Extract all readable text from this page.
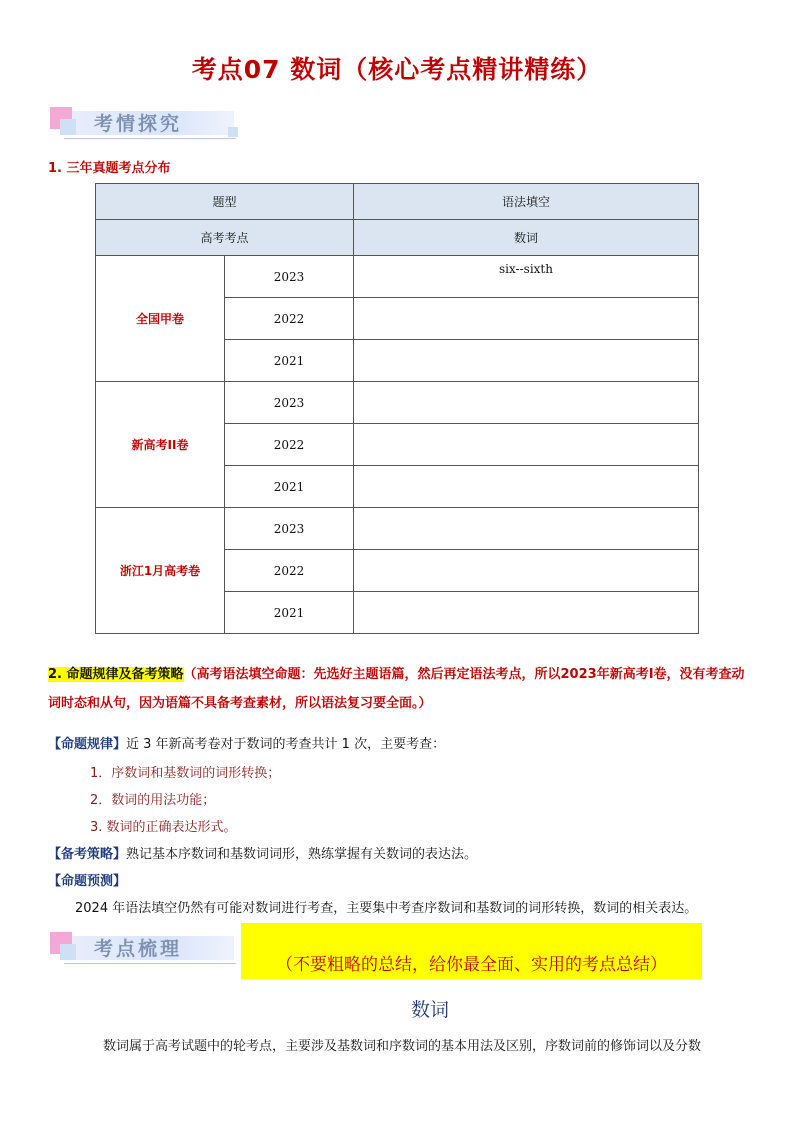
考点07 数词（核心考点精讲精练）
考情探究
1. 三年真题考点分布
题型		语法填空
高考考点		数词
全国甲卷	2023	six--sixth
	2022	
	2021	
新高考II卷	2023	
	2022	
	2021	
浙江1月高考卷	2023	
	2022	
	2021	
2. 命题规律及备考策略（高考语法填空命题：先选好主题语篇，然后再定语法考点，所以2023年新高考I卷，没有考查动词时态和从句，因为语篇不具备考查素材，所以语法复习要全面。）
【命题规律】近 3 年新高考卷对于数词的考查共计 1 次，主要考查：
1．序数词和基数词的词形转换；
2．数词的用法功能；
3. 数词的正确表达形式。
【备考策略】熟记基本序数词和基数词词形，熟练掌握有关数词的表达法。
【命题预测】
2024 年语法填空仍然有可能对数词进行考查，主要集中考查序数词和基数词的词形转换，数词的相关表达。
考点梳理
（不要粗略的总结，给你最全面、实用的考点总结）
数词
数词属于高考试题中的轮考点，主要涉及基数词和序数词的基本用法及区别，序数词前的修饰词以及分数
